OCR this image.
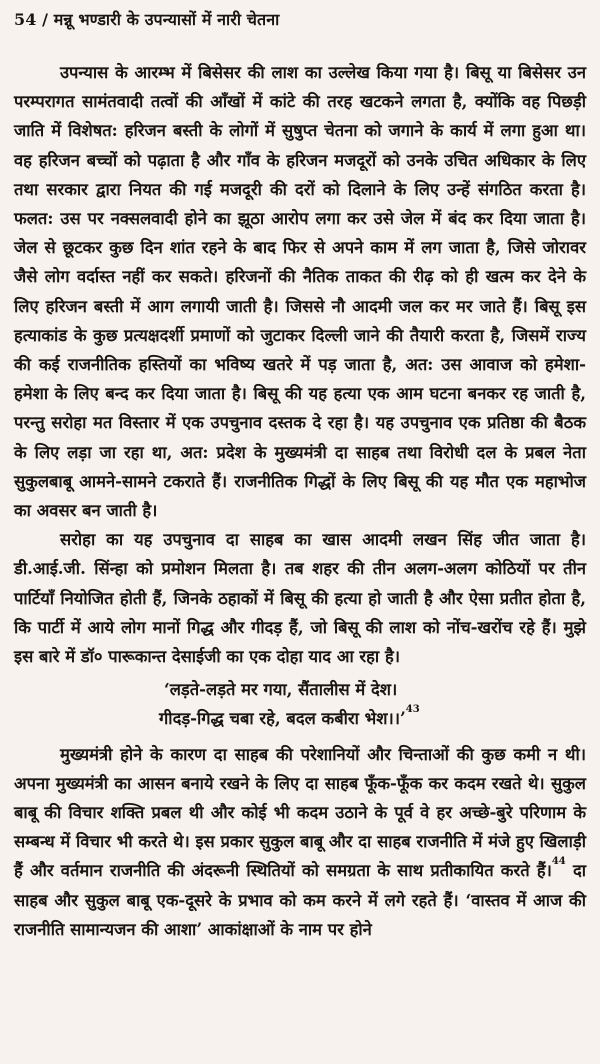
54 / मन्नू भण्डारी के उपन्यासों में नारी चेतना

उपन्यास के आरम्भ में बिसेसर की लाश का उल्लेख किया गया है। बिसू या बिसेसर उन परम्परागत सामंतवादी तत्वों की आँखों में कांटे की तरह खटकने लगता है, क्योंकि वह पिछड़ी जाति में विशेषत: हरिजन बस्ती के लोगों में सुषुप्त चेतना को जगाने के कार्य में लगा हुआ था। वह हरिजन बच्चों को पढ़ाता है और गाँव के हरिजन मजदूरों को उनके उचित अधिकार के लिए तथा सरकार द्वारा नियत की गई मजदूरी की दरों को दिलाने के लिए उन्हें संगठित करता है। फलत: उस पर नक्सलवादी होने का झूठा आरोप लगा कर उसे जेल में बंद कर दिया जाता है। जेल से छूटकर कुछ दिन शांत रहने के बाद फिर से अपने काम में लग जाता है, जिसे जोरावर जैसे लोग वर्दास्त नहीं कर सकते। हरिजनों की नैतिक ताकत की रीढ़ को ही खत्म कर देने के लिए हरिजन बस्ती में आग लगायी जाती है। जिससे नौ आदमी जल कर मर जाते हैं। बिसू इस हत्याकांड के कुछ प्रत्यक्षदर्शी प्रमाणों को जुटाकर दिल्ली जाने की तैयारी करता है, जिसमें राज्य की कई राजनीतिक हस्तियों का भविष्य खतरे में पड़ जाता है, अत: उस आवाज को हमेशा-हमेशा के लिए बन्द कर दिया जाता है। बिसू की यह हत्या एक आम घटना बनकर रह जाती है, परन्तु सरोहा मत विस्तार में एक उपचुनाव दस्तक दे रहा है। यह उपचुनाव एक प्रतिष्ठा की बैठक के लिए लड़ा जा रहा था, अत: प्रदेश के मुख्यमंत्री दा साहब तथा विरोधी दल के प्रबल नेता सुकुलबाबू आमने-सामने टकराते हैं। राजनीतिक गिद्धों के लिए बिसू की यह मौत एक महाभोज का अवसर बन जाती है।

सरोहा का यह उपचुनाव दा साहब का खास आदमी लखन सिंह जीत जाता है। डी.आई.जी. सिंन्हा को प्रमोशन मिलता है। तब शहर की तीन अलग-अलग कोठियों पर तीन पार्टियाँ नियोजित होती हैं, जिनके ठहाकों में बिसू की हत्या हो जाती है और ऐसा प्रतीत होता है, कि पार्टी में आये लोग मानों गिद्ध और गीदड़ हैं, जो बिसू की लाश को नोंच-खरोंच रहे हैं। मुझे इस बारे में डॉ० पारूकान्त देसाईजी का एक दोहा याद आ रहा है।

‘लड़ते-लड़ते मर गया, सैंतालीस में देश।
गीदड़-गिद्ध चबा रहे, बदल कबीरा भेश।।’$^{43}$

मुख्यमंत्री होने के कारण दा साहब की परेशानियों और चिन्ताओं की कुछ कमी न थी। अपना मुख्यमंत्री का आसन बनाये रखने के लिए दा साहब फूँक-फूँक कर कदम रखते थे। सुकुल बाबू की विचार शक्ति प्रबल थी और कोई भी कदम उठाने के पूर्व वे हर अच्छे-बुरे परिणाम के सम्बन्ध में विचार भी करते थे। इस प्रकार सुकुल बाबू और दा साहब राजनीति में मंजे हुए खिलाड़ी हैं और वर्तमान राजनीति की अंदरूनी स्थितियों को समग्रता के साथ प्रतीकायित करते हैं।$^{44}$ दा साहब और सुकुल बाबू एक-दूसरे के प्रभाव को कम करने में लगे रहते हैं। ‘वास्तव में आज की राजनीति सामान्यजन की आशा’ आकांक्षाओं के नाम पर होने
